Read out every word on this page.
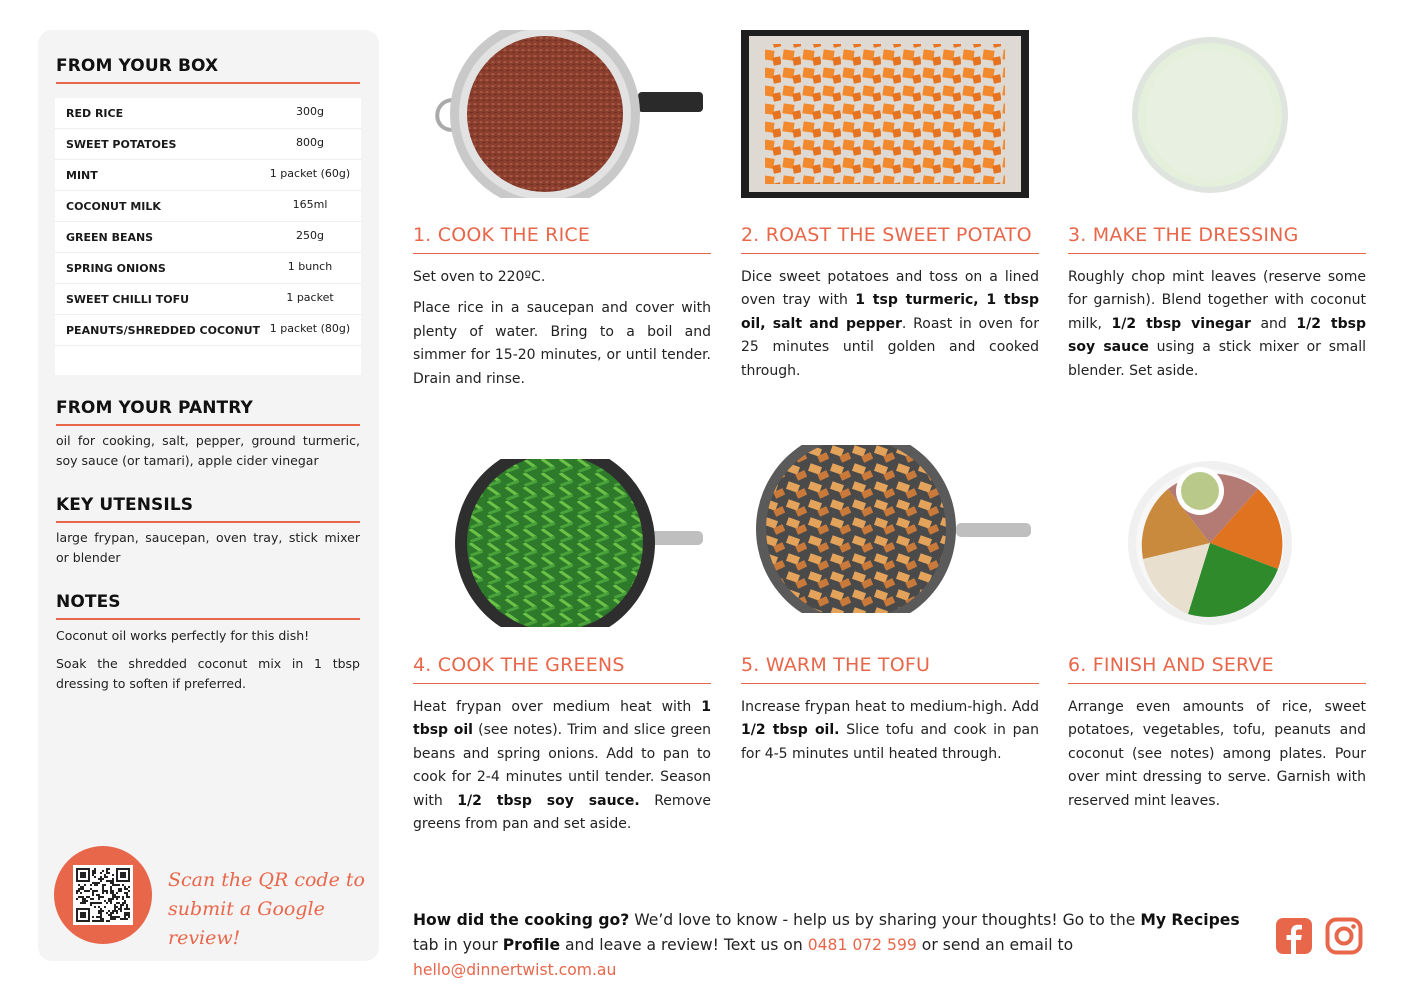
FROM YOUR BOX
RED RICE	300g
SWEET POTATOES	800g
MINT	1 packet (60g)
COCONUT MILK	165ml
GREEN BEANS	250g
SPRING ONIONS	1 bunch
SWEET CHILLI TOFU	1 packet
PEANUTS/SHREDDED COCONUT 1 packet (80g)
FROM YOUR PANTRY
oil for cooking, salt, pepper, ground turmeric, soy sauce (or tamari), apple cider vinegar
KEY UTENSILS
large frypan, saucepan, oven tray, stick mixer or blender
NOTES
Coconut oil works perfectly for this dish!
Soak the shredded coconut mix in 1 tbsp dressing to soften if preferred.
Scan the QR code to
submit a Google review!
1. COOK THE RICE	2. ROAST THE SWEET POTATO	3. MAKE THE DRESSING
4. COOK THE GREENS	5. WARM THE TOFU	6. FINISH AND SERVE

Set oven to 220ºC.

Place rice in a saucepan and cover with plenty of water. Bring to a boil and simmer for 15-20 minutes, or until tender. Drain and rinse.

Dice sweet potatoes and toss on a lined oven tray with 1 tsp turmeric, 1 tbsp oil, salt and pepper. Roast in oven for 25 minutes until golden and cooked through.

Roughly chop mint leaves (reserve some for garnish). Blend together with coconut milk, 1/2 tbsp vinegar and 1/2 tbsp soy sauce using a stick mixer or small blender. Set aside.

Heat frypan over medium heat with 1 tbsp oil (see notes). Trim and slice green beans and spring onions. Add to pan to cook for 2-4 minutes until tender. Season with 1/2 tbsp soy sauce. Remove greens from pan and set aside.

Increase frypan heat to medium-high. Add 1/2 tbsp oil. Slice tofu and cook in pan for 4-5 minutes until heated through.

Arrange even amounts of rice, sweet potatoes, vegetables, tofu, peanuts and coconut (see notes) among plates. Pour over mint dressing to serve. Garnish with reserved mint leaves.

How did the cooking go? We’d love to know - help us by sharing your thoughts! Go to the My Recipes tab in your Profile and leave a review! Text us on 0481 072 599 or send an email to hello@dinnertwist.com.au
